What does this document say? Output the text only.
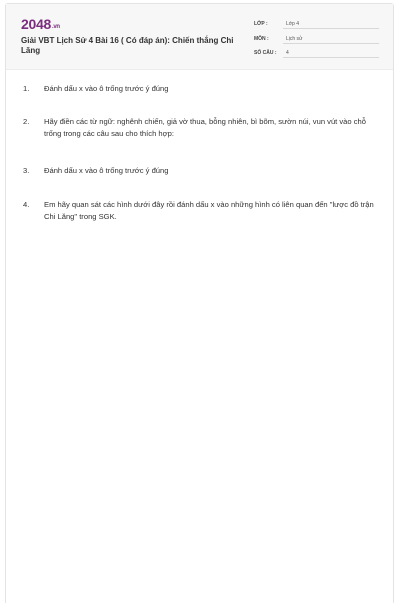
2048.vn
Giải VBT Lịch Sử 4 Bài 16 ( Có đáp án): Chiến thắng Chi Lăng
LỚP :	Lớp 4
MÔN :	Lịch sử
SỐ CÂU :	4
1.	Đánh dấu x vào ô trống trước ý đúng
2.	Hãy điền các từ ngữ: nghênh chiến, giả vờ thua, bỗng nhiên, bì bõm, sườn núi, vun vút vào chỗ trống trong các câu sau cho thích hợp:
3.	Đánh dấu x vào ô trống trước ý đúng
4.	Em hãy quan sát các hình dưới đây rồi đánh dấu x vào những hình có liên quan đến "lược đồ trận Chi Lăng" trong SGK.
